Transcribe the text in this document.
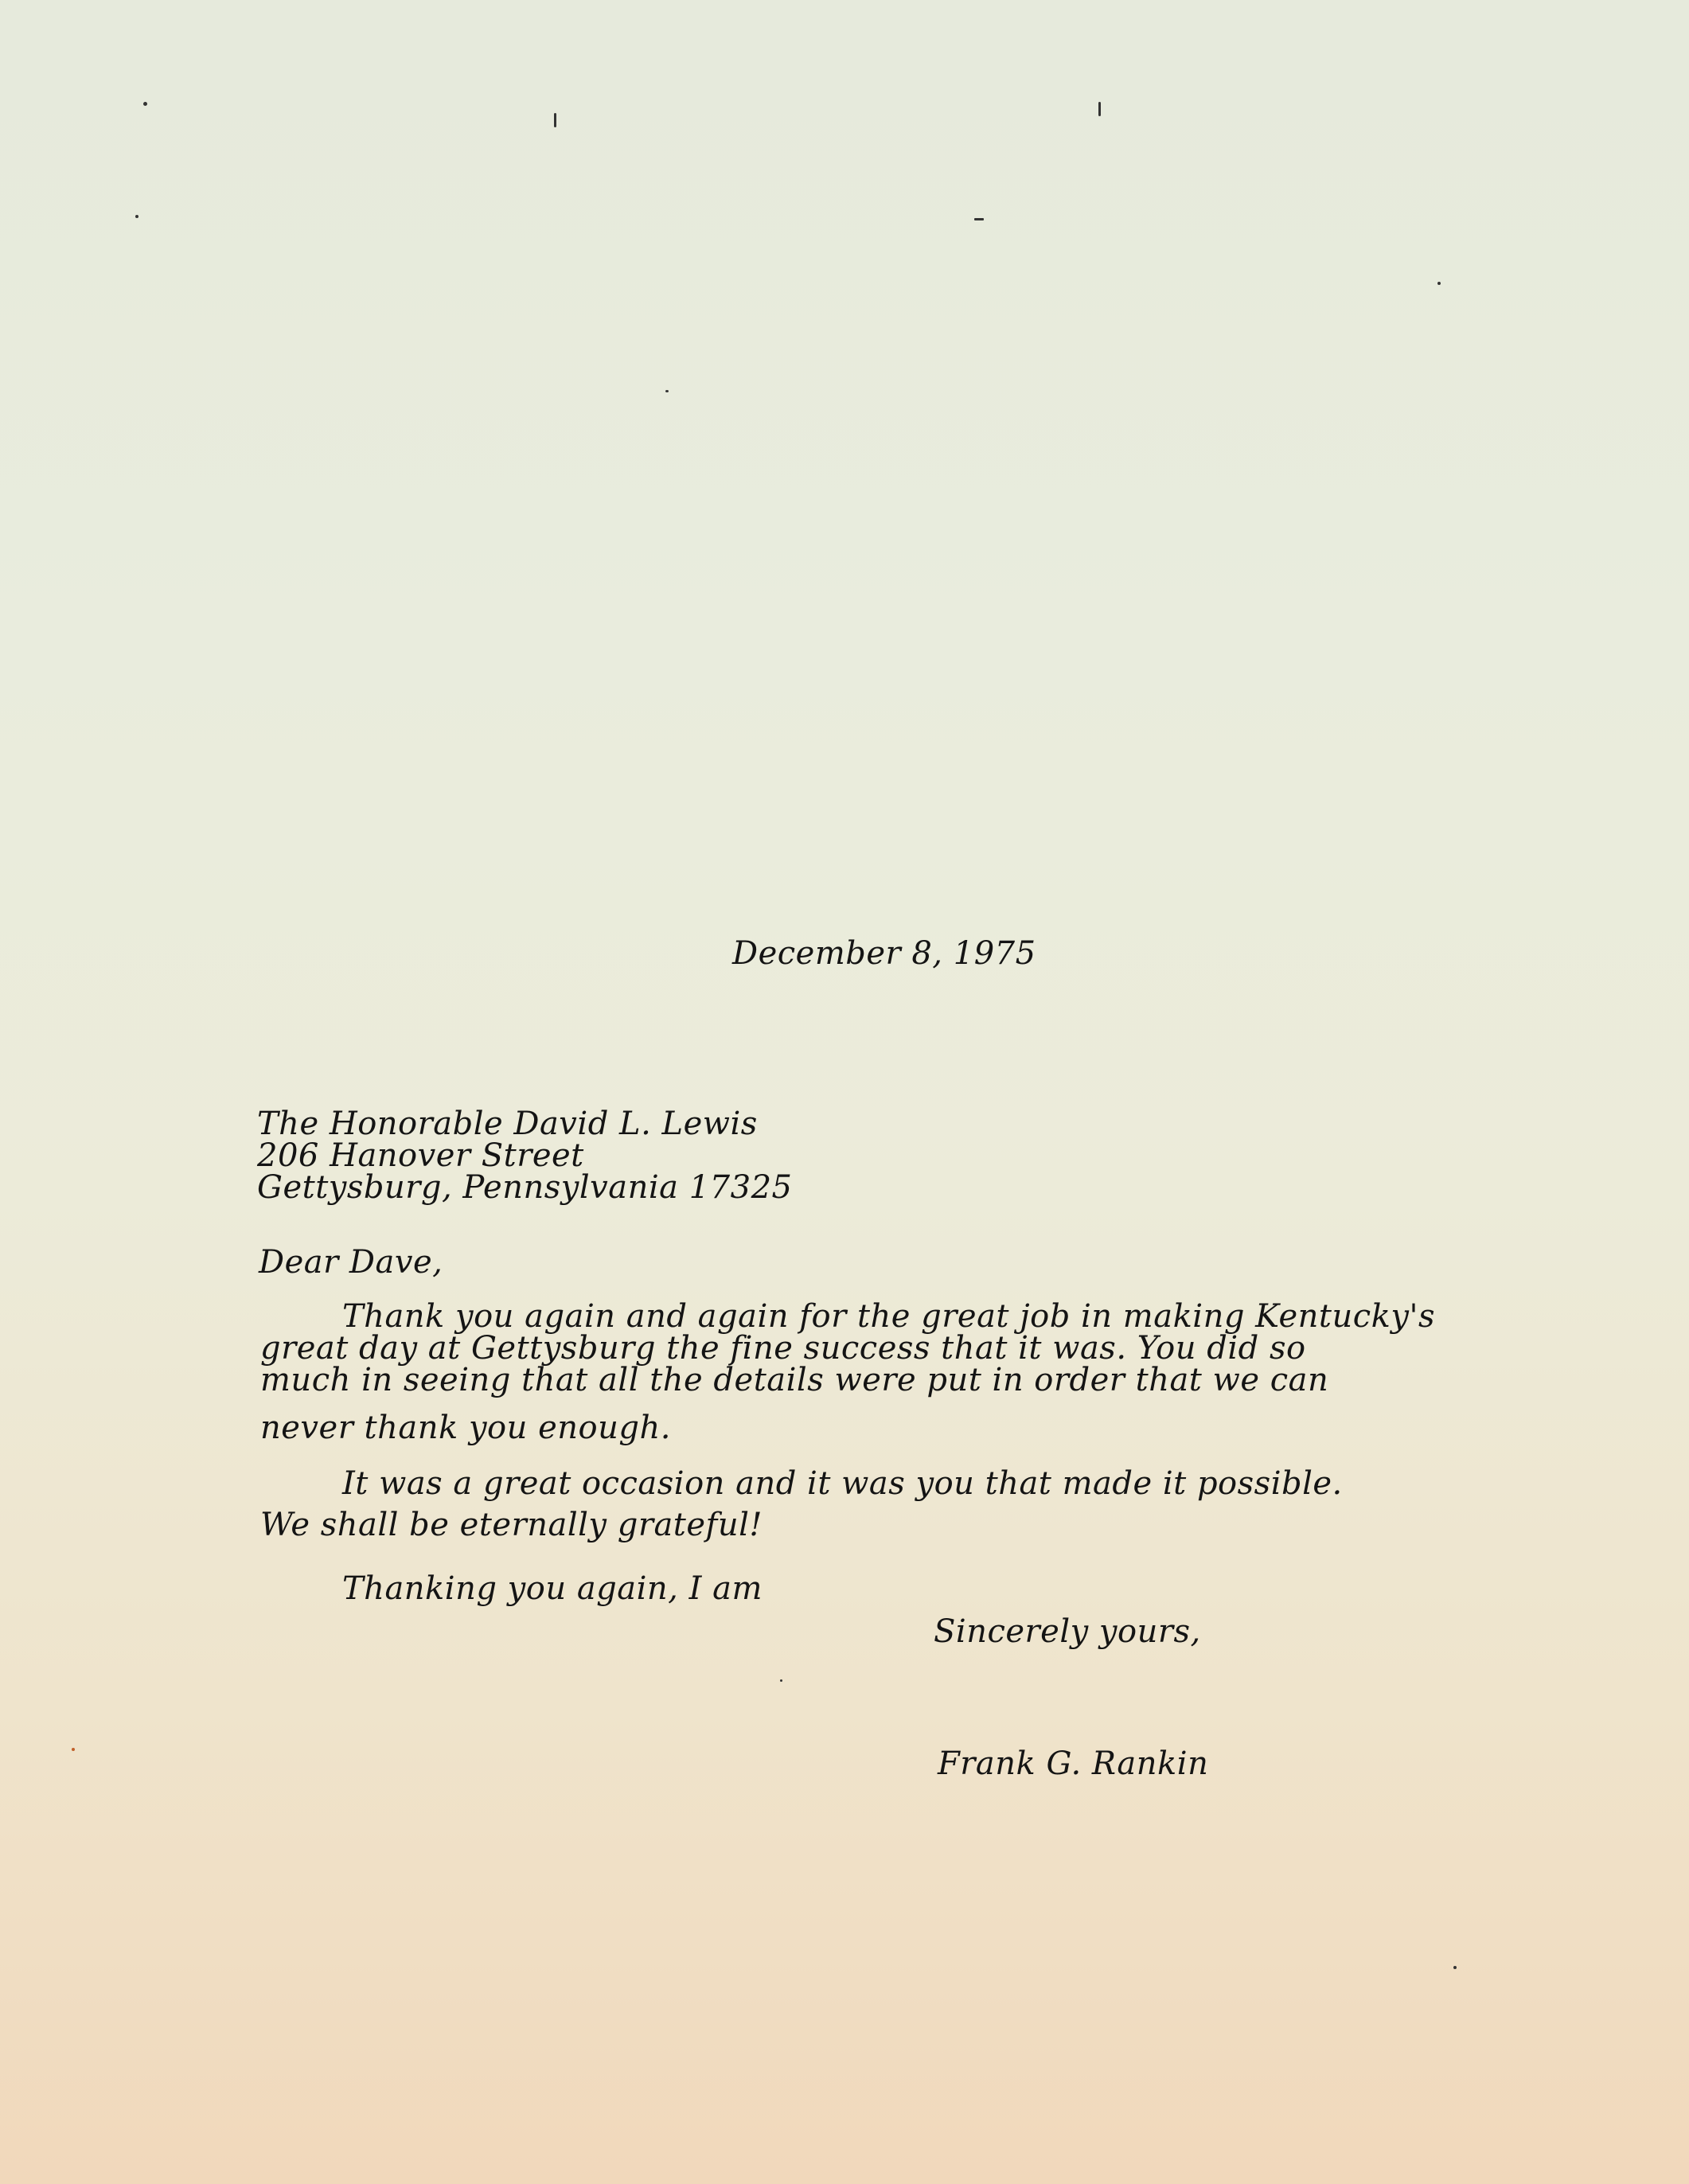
December 8, 1975
The Honorable David L. Lewis
206 Hanover Street
Gettysburg, Pennsylvania 17325
Dear Dave,
Thank you again and again for the great job in making Kentucky's
great day at Gettysburg the fine success that it was. You did so
much in seeing that all the details were put in order that we can
never thank you enough.
It was a great occasion and it was you that made it possible.
We shall be eternally grateful!
Thanking you again, I am
Sincerely yours,
Frank G. Rankin
